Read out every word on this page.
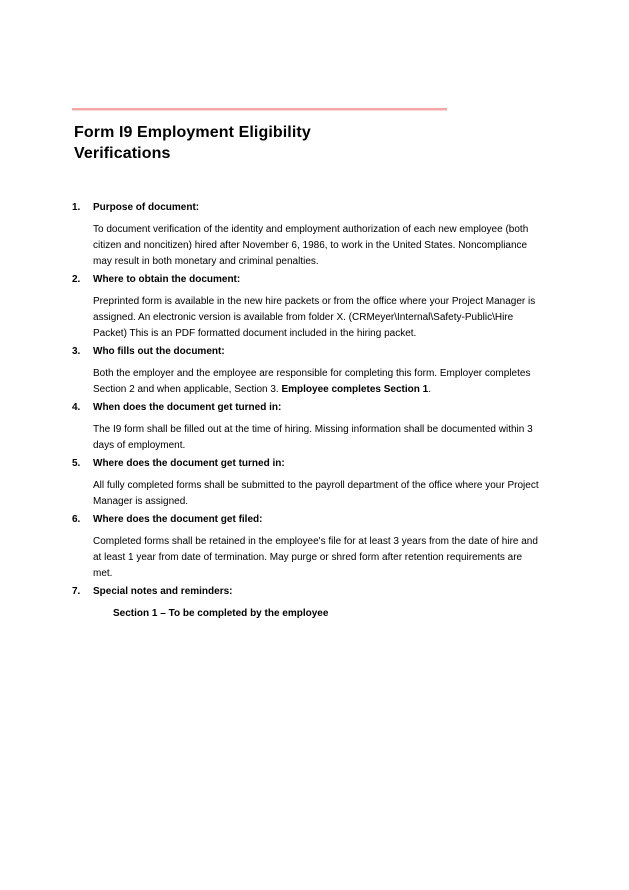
Form I9 Employment Eligibility
Verifications
1.	Purpose of document:
To document verification of the identity and employment authorization of each new employee (both
citizen and noncitizen) hired after November 6, 1986, to work in the United States. Noncompliance
may result in both monetary and criminal penalties.
2.	Where to obtain the document:
Preprinted form is available in the new hire packets or from the office where your Project Manager is
assigned. An electronic version is available from folder X. (CRMeyer\Internal\Safety-Public\Hire
Packet) This is an PDF formatted document included in the hiring packet.
3.	Who fills out the document:
Both the employer and the employee are responsible for completing this form. Employer completes
Section 2 and when applicable, Section 3. Employee completes Section 1.
4.	When does the document get turned in:
The I9 form shall be filled out at the time of hiring. Missing information shall be documented within 3
days of employment.
5.	Where does the document get turned in:
All fully completed forms shall be submitted to the payroll department of the office where your Project
Manager is assigned.
6.	Where does the document get filed:
Completed forms shall be retained in the employee's file for at least 3 years from the date of hire and
at least 1 year from date of termination. May purge or shred form after retention requirements are
met.
7.	Special notes and reminders:
Section 1 – To be completed by the employee
